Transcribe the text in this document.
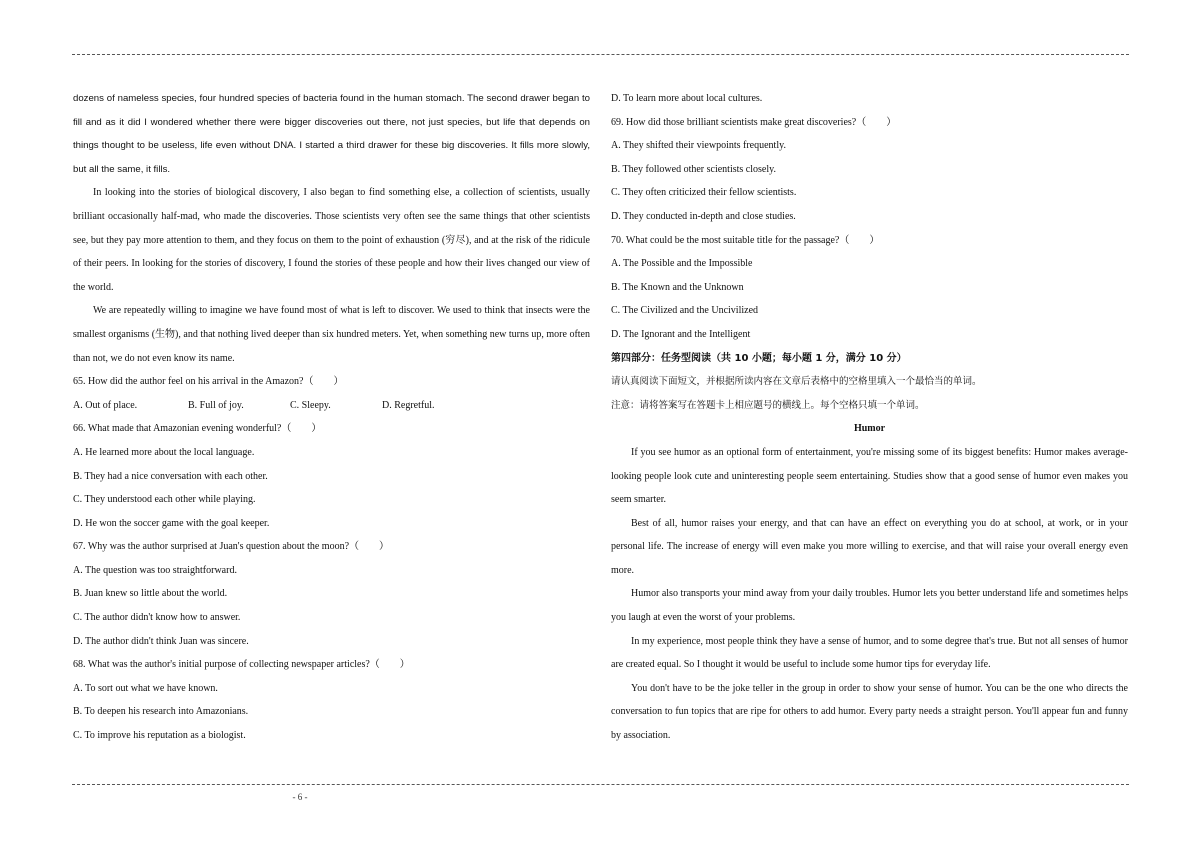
dozens of nameless species, four hundred species of bacteria found in the human stomach. The second drawer began to fill and as it did I wondered whether there were bigger discoveries out there, not just species, but life that depends on things thought to be useless, life even without DNA. I started a third drawer for these big discoveries. It fills more slowly, but all the same, it fills.

In looking into the stories of biological discovery, I also began to find something else, a collection of scientists, usually brilliant occasionally half-mad, who made the discoveries. Those scientists very often see the same things that other scientists see, but they pay more attention to them, and they focus on them to the point of exhaustion (穷尽), and at the risk of the ridicule of their peers. In looking for the stories of discovery, I found the stories of these people and how their lives changed our view of the world.

We are repeatedly willing to imagine we have found most of what is left to discover. We used to think that insects were the smallest organisms (生物), and that nothing lived deeper than six hundred meters. Yet, when something new turns up, more often than not, we do not even know its name.

65. How did the author feel on his arrival in the Amazon?（　　）

A. Out of place.	B. Full of joy.	C. Sleepy.	D. Regretful.

66. What made that Amazonian evening wonderful?（　　）

A. He learned more about the local language.

B. They had a nice conversation with each other.

C. They understood each other while playing.

D. He won the soccer game with the goal keeper.

67. Why was the author surprised at Juan's question about the moon?（　　）

A. The question was too straightforward.

B. Juan knew so little about the world.

C. The author didn't know how to answer.

D. The author didn't think Juan was sincere.

68. What was the author's initial purpose of collecting newspaper articles?（　　）

A. To sort out what we have known.

B. To deepen his research into Amazonians.

C. To improve his reputation as a biologist.

D. To learn more about local cultures.

69. How did those brilliant scientists make great discoveries?（　　）

A. They shifted their viewpoints frequently.

B. They followed other scientists closely.

C. They often criticized their fellow scientists.

D. They conducted in-depth and close studies.

70. What could be the most suitable title for the passage?（　　）

A. The Possible and the Impossible

B. The Known and the Unknown

C. The Civilized and the Uncivilized

D. The Ignorant and the Intelligent

第四部分：任务型阅读（共 10 小题；每小题 1 分，满分 10 分）

请认真阅读下面短文，并根据所读内容在文章后表格中的空格里填入一个最恰当的单词。

注意：请将答案写在答题卡上相应题号的横线上。每个空格只填一个单词。

Humor

If you see humor as an optional form of entertainment, you're missing some of its biggest benefits: Humor makes average-looking people look cute and uninteresting people seem entertaining. Studies show that a good sense of humor even makes you seem smarter.

Best of all, humor raises your energy, and that can have an effect on everything you do at school, at work, or in your personal life. The increase of energy will even make you more willing to exercise, and that will raise your overall energy even more.

Humor also transports your mind away from your daily troubles. Humor lets you better understand life and sometimes helps you laugh at even the worst of your problems.

In my experience, most people think they have a sense of humor, and to some degree that's true. But not all senses of humor are created equal. So I thought it would be useful to include some humor tips for everyday life.

You don't have to be the joke teller in the group in order to show your sense of humor. You can be the one who directs the conversation to fun topics that are ripe for others to add humor. Every party needs a straight person. You'll appear fun and funny by association.

- 6 -
